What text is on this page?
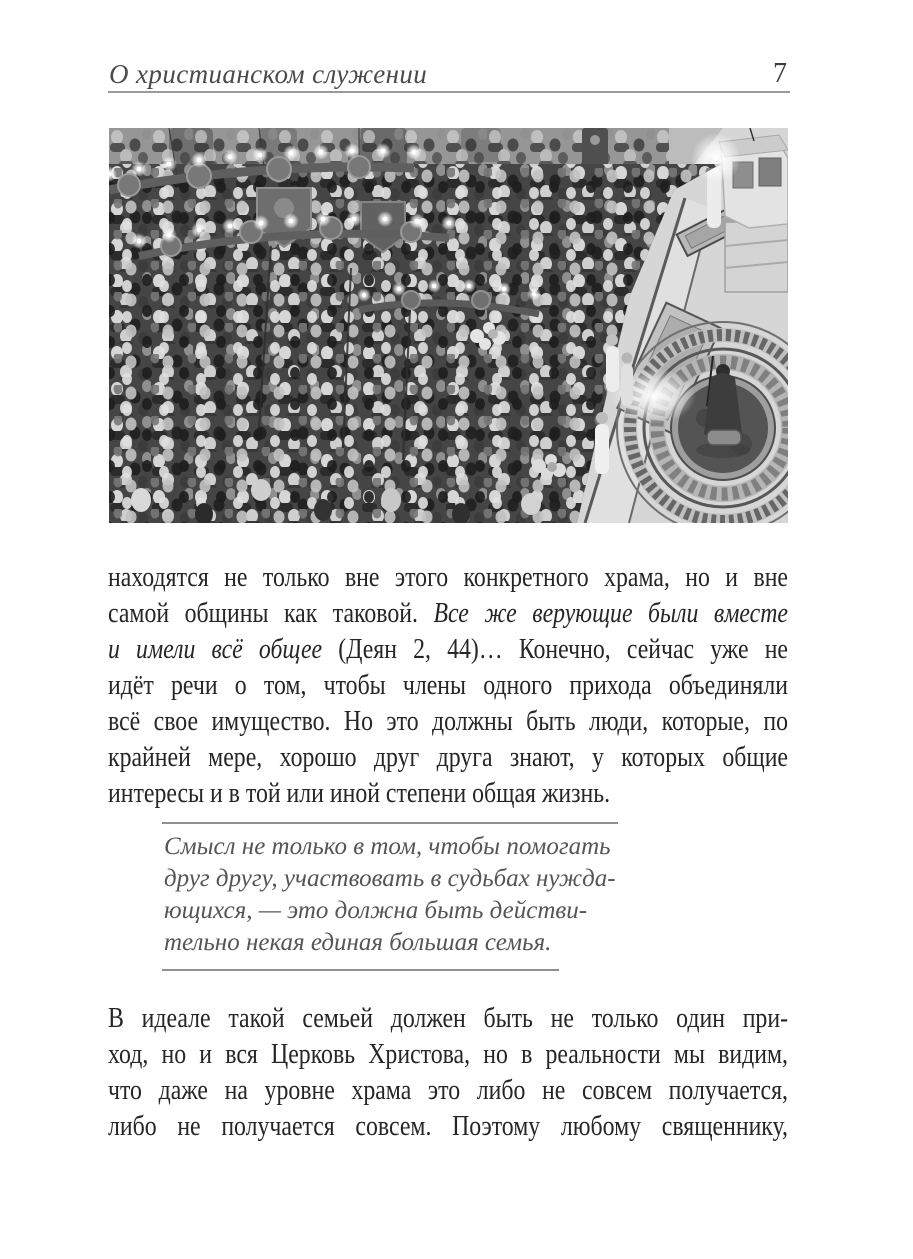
О христианском служении	7
находятся не только вне этого конкретного храма, но и вне
самой общины как таковой. Все же верующие были вместе
и имели всё общее (Деян 2, 44)… Конечно, сейчас уже не
идёт речи о том, чтобы члены одного прихода объединяли
всё свое имущество. Но это должны быть люди, которые, по
крайней мере, хорошо друг друга знают, у которых общие
интересы и в той или иной степени общая жизнь.
Смысл не только в том, чтобы помогать
друг другу, участвовать в судьбах нужда-
ющихся, — это должна быть действи-
тельно некая единая большая семья.
В идеале такой семьей должен быть не только один при-
ход, но и вся Церковь Христова, но в реальности мы видим,
что даже на уровне храма это либо не совсем получается,
либо не получается совсем. Поэтому любому священнику,
